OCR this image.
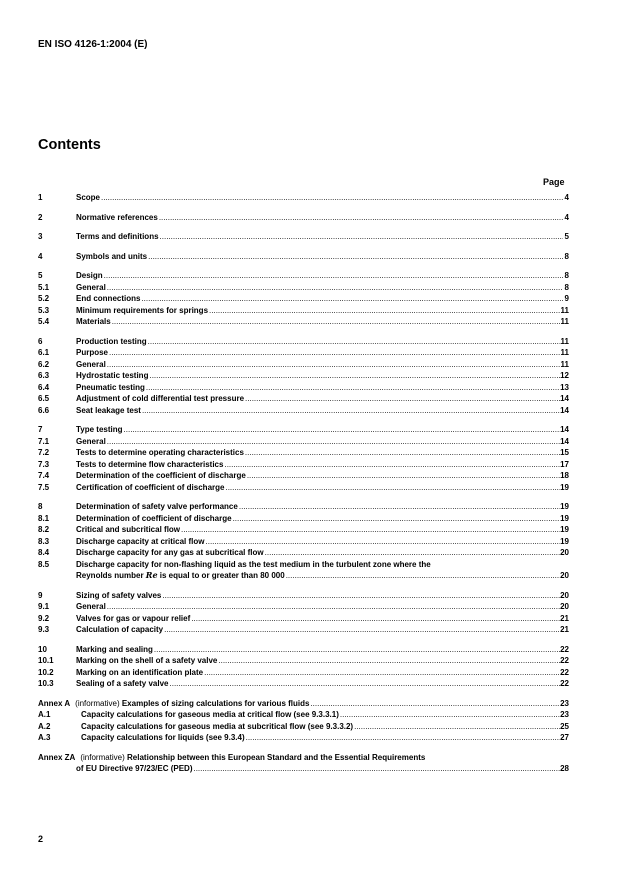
EN ISO 4126-1:2004 (E)
Contents
Page
1	Scope .....	4
2	Normative references .....	4
3	Terms and definitions .....	5
4	Symbols and units .....	8
5	Design .....	8
5.1	General .....	8
5.2	End connections .....	9
5.3	Minimum requirements for springs .....	11
5.4	Materials .....	11
6	Production testing .....	11
6.1	Purpose .....	11
6.2	General .....	11
6.3	Hydrostatic testing .....	12
6.4	Pneumatic testing .....	13
6.5	Adjustment of cold differential test pressure .....	14
6.6	Seat leakage test .....	14
7	Type testing .....	14
7.1	General .....	14
7.2	Tests to determine operating characteristics .....	15
7.3	Tests to determine flow characteristics .....	17
7.4	Determination of the coefficient of discharge .....	18
7.5	Certification of coefficient of discharge .....	19
8	Determination of safety valve performance .....	19
8.1	Determination of coefficient of discharge .....	19
8.2	Critical and subcritical flow .....	19
8.3	Discharge capacity at critical flow .....	19
8.4	Discharge capacity for any gas at subcritical flow .....	20
8.5	Discharge capacity for non-flashing liquid as the test medium in the turbulent zone where the
Reynolds number Re is equal to or greater than 80 000 .....	20
9	Sizing of safety valves .....	20
9.1	General .....	20
9.2	Valves for gas or vapour relief .....	21
9.3	Calculation of capacity .....	21
10	Marking and sealing .....	22
10.1	Marking on the shell of a safety valve .....	22
10.2	Marking on an identification plate .....	22
10.3	Sealing of a safety valve .....	22
Annex A (informative) Examples of sizing calculations for various fluids .....	23
A.1	Capacity calculations for gaseous media at critical flow (see 9.3.3.1) .....	23
A.2	Capacity calculations for gaseous media at subcritical flow (see 9.3.3.2) .....	25
A.3	Capacity calculations for liquids (see 9.3.4) .....	27
Annex ZA (informative) Relationship between this European Standard and the Essential Requirements
of EU Directive 97/23/EC (PED) .....	28
2
